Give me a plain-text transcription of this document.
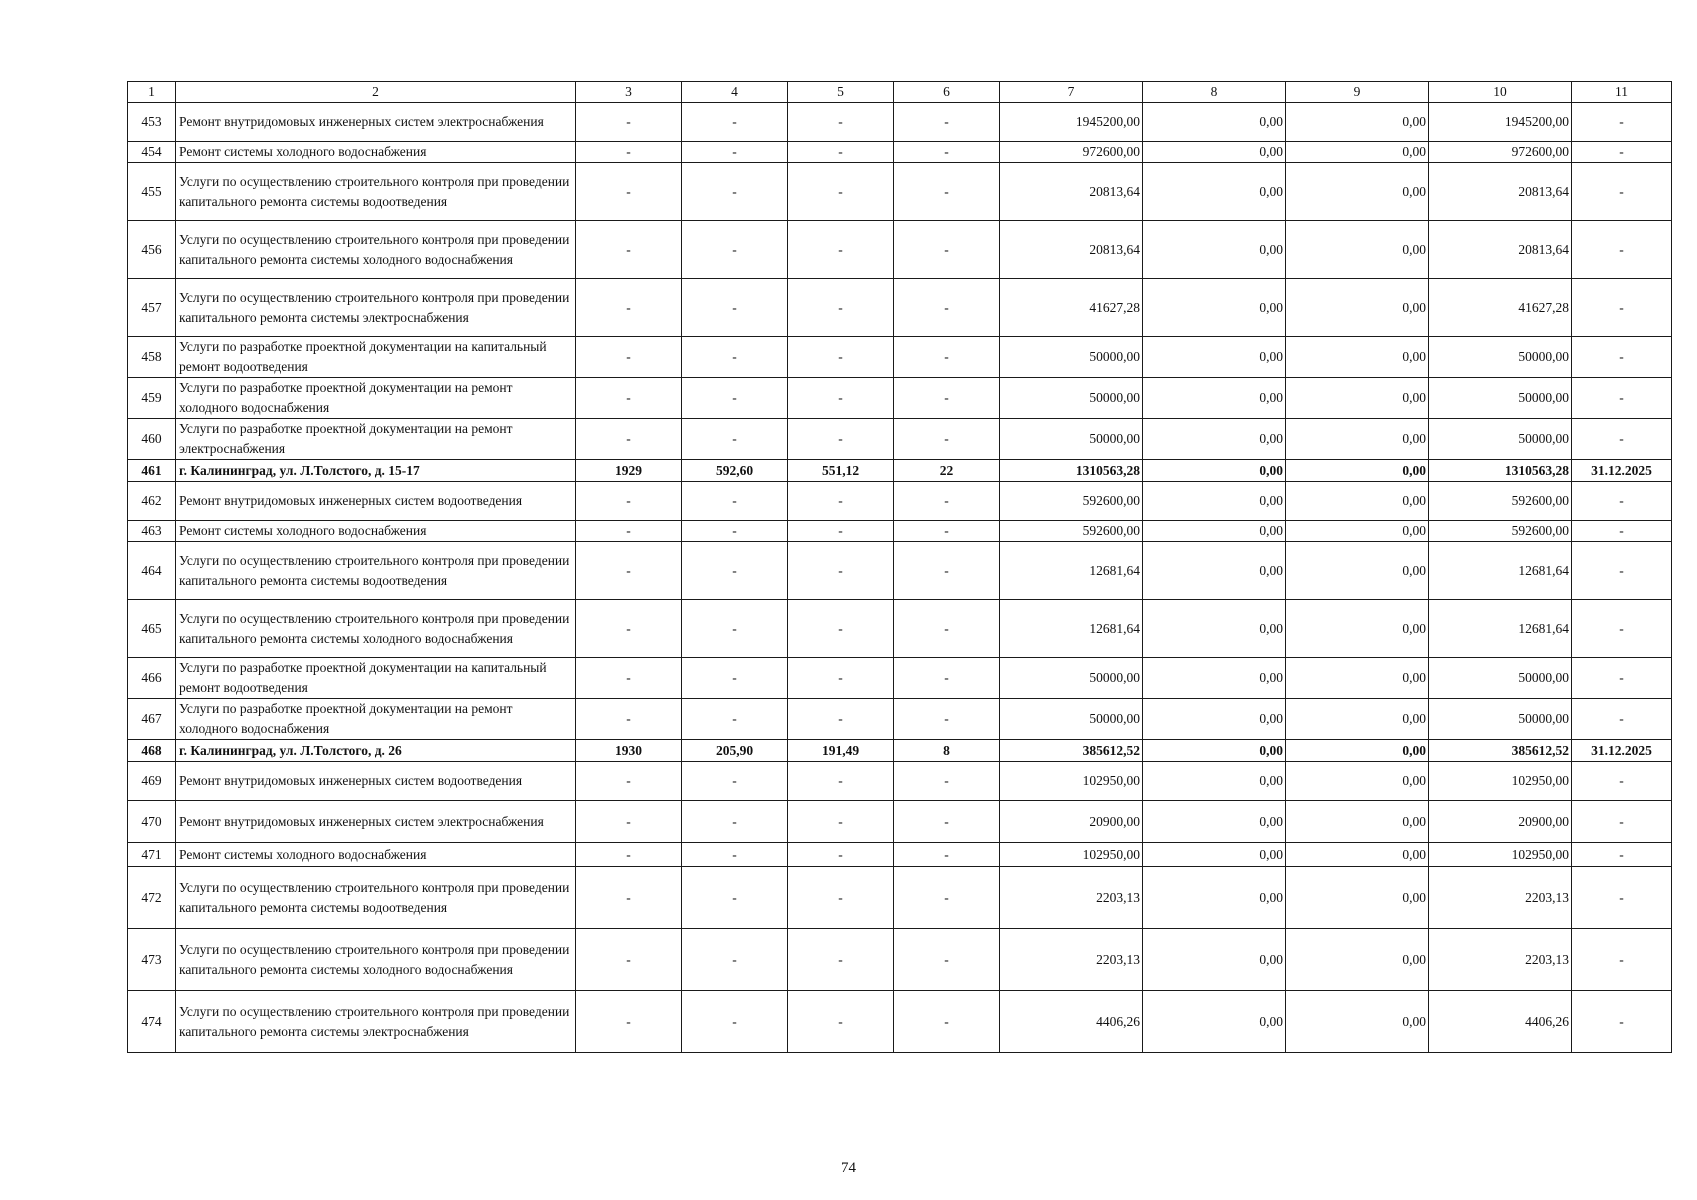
1	2	3	4	5	6	7	8	9	10	11
453	Ремонт внутридомовых инженерных систем электроснабжения	-	-	-	-	1945200,00	0,00	0,00	1945200,00	-
454	Ремонт системы холодного водоснабжения	-	-	-	-	972600,00	0,00	0,00	972600,00	-
455	Услуги по осуществлению строительного контроля при проведении капитального ремонта системы водоотведения	-	-	-	-	20813,64	0,00	0,00	20813,64	-
456	Услуги по осуществлению строительного контроля при проведении капитального ремонта системы холодного водоснабжения	-	-	-	-	20813,64	0,00	0,00	20813,64	-
457	Услуги по осуществлению строительного контроля при проведении капитального ремонта системы электроснабжения	-	-	-	-	41627,28	0,00	0,00	41627,28	-
458	Услуги по разработке проектной документации на капитальный ремонт водоотведения	-	-	-	-	50000,00	0,00	0,00	50000,00	-
459	Услуги по разработке проектной документации на ремонт холодного водоснабжения	-	-	-	-	50000,00	0,00	0,00	50000,00	-
460	Услуги по разработке проектной документации на ремонт электроснабжения	-	-	-	-	50000,00	0,00	0,00	50000,00	-
461	г. Калининград, ул. Л.Толстого, д. 15-17	1929	592,60	551,12	22	1310563,28	0,00	0,00	1310563,28	31.12.2025
462	Ремонт внутридомовых инженерных систем водоотведения	-	-	-	-	592600,00	0,00	0,00	592600,00	-
463	Ремонт системы холодного водоснабжения	-	-	-	-	592600,00	0,00	0,00	592600,00	-
464	Услуги по осуществлению строительного контроля при проведении капитального ремонта системы водоотведения	-	-	-	-	12681,64	0,00	0,00	12681,64	-
465	Услуги по осуществлению строительного контроля при проведении капитального ремонта системы холодного водоснабжения	-	-	-	-	12681,64	0,00	0,00	12681,64	-
466	Услуги по разработке проектной документации на капитальный ремонт водоотведения	-	-	-	-	50000,00	0,00	0,00	50000,00	-
467	Услуги по разработке проектной документации на ремонт холодного водоснабжения	-	-	-	-	50000,00	0,00	0,00	50000,00	-
468	г. Калининград, ул. Л.Толстого, д. 26	1930	205,90	191,49	8	385612,52	0,00	0,00	385612,52	31.12.2025
469	Ремонт внутридомовых инженерных систем водоотведения	-	-	-	-	102950,00	0,00	0,00	102950,00	-
470	Ремонт внутридомовых инженерных систем электроснабжения	-	-	-	-	20900,00	0,00	0,00	20900,00	-
471	Ремонт системы холодного водоснабжения	-	-	-	-	102950,00	0,00	0,00	102950,00	-
472	Услуги по осуществлению строительного контроля при проведении капитального ремонта системы водоотведения	-	-	-	-	2203,13	0,00	0,00	2203,13	-
473	Услуги по осуществлению строительного контроля при проведении капитального ремонта системы холодного водоснабжения	-	-	-	-	2203,13	0,00	0,00	2203,13	-
474	Услуги по осуществлению строительного контроля при проведении капитального ремонта системы электроснабжения	-	-	-	-	4406,26	0,00	0,00	4406,26	-
74
